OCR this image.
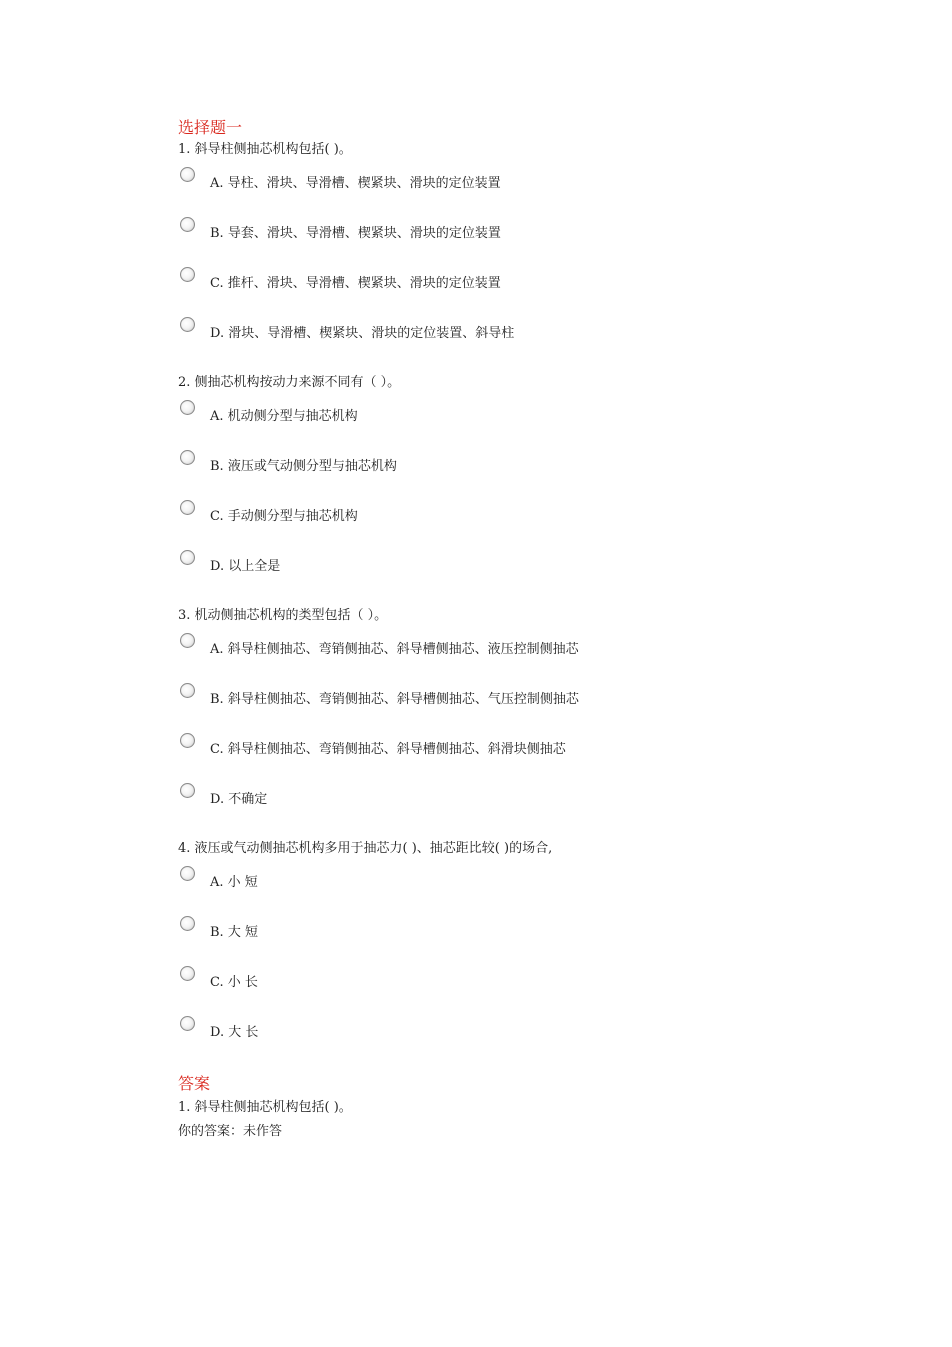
选择题一
1. 斜导柱侧抽芯机构包括( )。
A. 导柱、滑块、导滑槽、楔紧块、滑块的定位装置
B. 导套、滑块、导滑槽、楔紧块、滑块的定位装置
C. 推杆、滑块、导滑槽、楔紧块、滑块的定位装置
D. 滑块、导滑槽、楔紧块、滑块的定位装置、斜导柱
2. 侧抽芯机构按动力来源不同有（ ）。
A. 机动侧分型与抽芯机构
B. 液压或气动侧分型与抽芯机构
C. 手动侧分型与抽芯机构
D. 以上全是
3. 机动侧抽芯机构的类型包括（ ）。
A. 斜导柱侧抽芯、弯销侧抽芯、斜导槽侧抽芯、液压控制侧抽芯
B. 斜导柱侧抽芯、弯销侧抽芯、斜导槽侧抽芯、气压控制侧抽芯
C. 斜导柱侧抽芯、弯销侧抽芯、斜导槽侧抽芯、斜滑块侧抽芯
D. 不确定
4. 液压或气动侧抽芯机构多用于抽芯力( )、抽芯距比较( )的场合,
A. 小 短
B. 大 短
C. 小 长
D. 大 长
答案
1. 斜导柱侧抽芯机构包括( )。
你的答案：未作答
